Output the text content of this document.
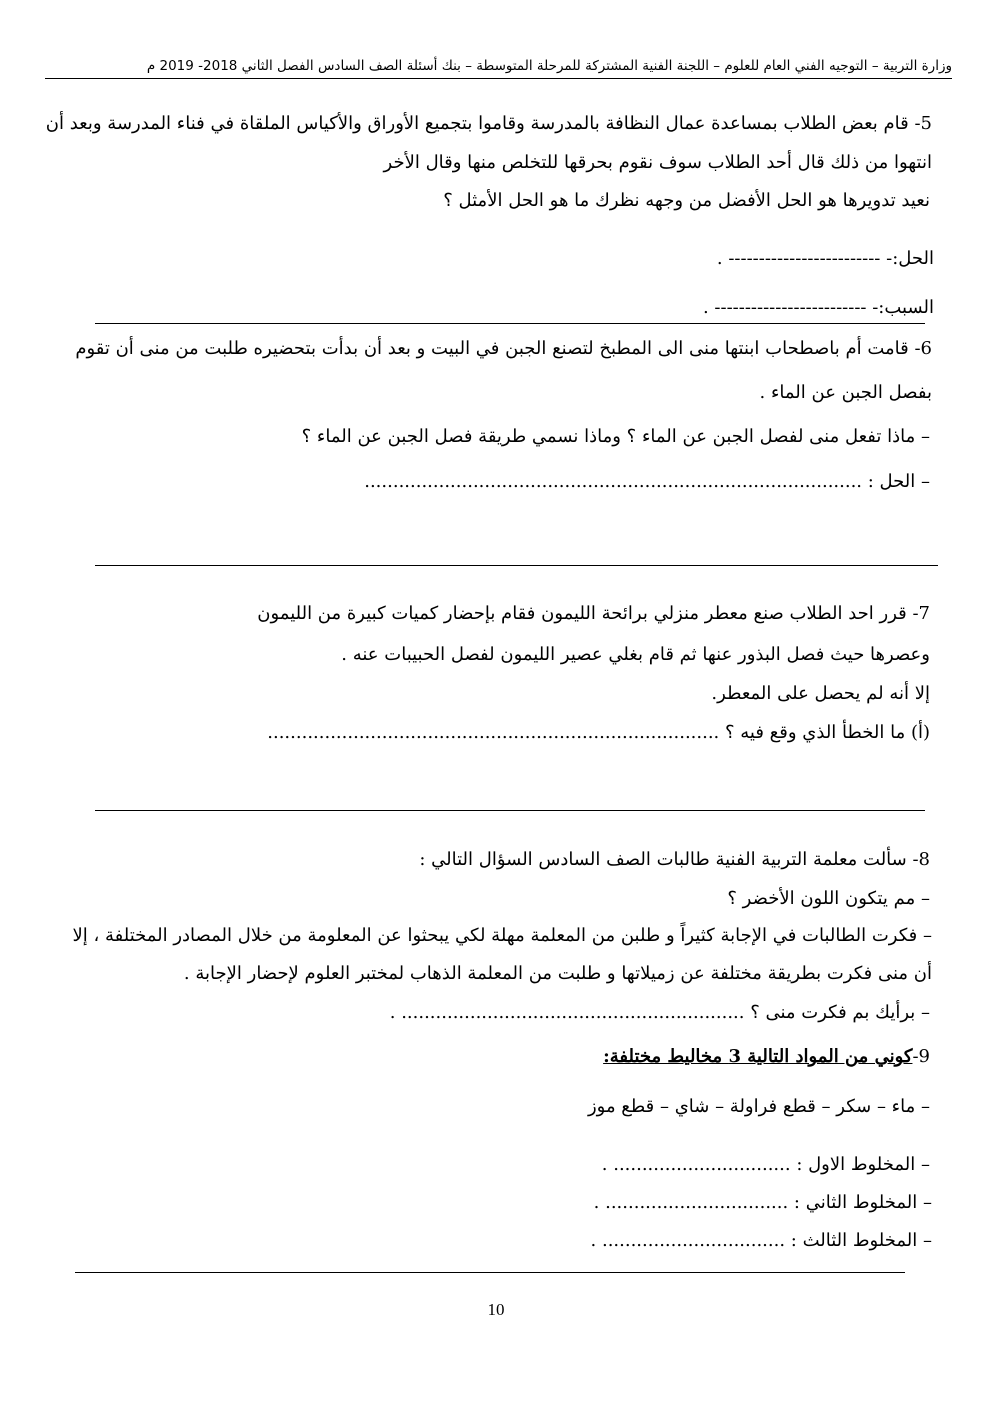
وزارة التربية – التوجيه الفني العام للعلوم – اللجنة الفنية المشتركة للمرحلة المتوسطة – بنك أسئلة الصف السادس الفصل الثاني 2018- 2019 م
5- قام بعض الطلاب بمساعدة عمال النظافة بالمدرسة وقاموا بتجميع الأوراق والأكياس الملقاة في فناء المدرسة وبعد أن
انتهوا من ذلك قال أحد الطلاب سوف نقوم بحرقها للتخلص منها وقال الأخر
نعيد تدويرها هو الحل الأفضل من وجهه نظرك ما هو الحل الأمثل ؟
الحل:- ------------------------- .
السبب:- ------------------------- .
6- قامت أم باصطحاب ابنتها منى الى المطبخ لتصنع الجبن في البيت و بعد أن بدأت بتحضيره طلبت من منى أن تقوم
بفصل الجبن عن الماء .
– ماذا تفعل منى لفصل الجبن عن الماء ؟ وماذا نسمي طريقة فصل الجبن عن الماء ؟
– الحل : .......................................................................................
7- قرر احد الطلاب صنع معطر منزلي برائحة الليمون فقام بإحضار كميات كبيرة من الليمون
وعصرها حيث فصل البذور عنها ثم قام بغلي عصير الليمون لفصل الحبيبات عنه .
إلا أنه لم يحصل على المعطر.
(أ) ما الخطأ الذي وقع فيه ؟ ...............................................................................
8- سألت معلمة التربية الفنية طالبات الصف السادس السؤال التالي :
– مم يتكون اللون الأخضر ؟
– فكرت الطالبات في الإجابة كثيراً و طلبن من المعلمة مهلة لكي يبحثوا عن المعلومة من خلال المصادر المختلفة ، إلا
أن منى فكرت بطريقة مختلفة عن زميلاتها و طلبت من المعلمة الذهاب لمختبر العلوم لإحضار الإجابة .
– برأيك بم فكرت منى ؟ ............................................................ .
9-كوني من المواد التالية 3 مخاليط مختلفة:
– ماء – سكر – قطع فراولة – شاي – قطع موز
– المخلوط الاول : ............................... .
– المخلوط الثاني : ................................ .
– المخلوط الثالث : ................................ .
10
